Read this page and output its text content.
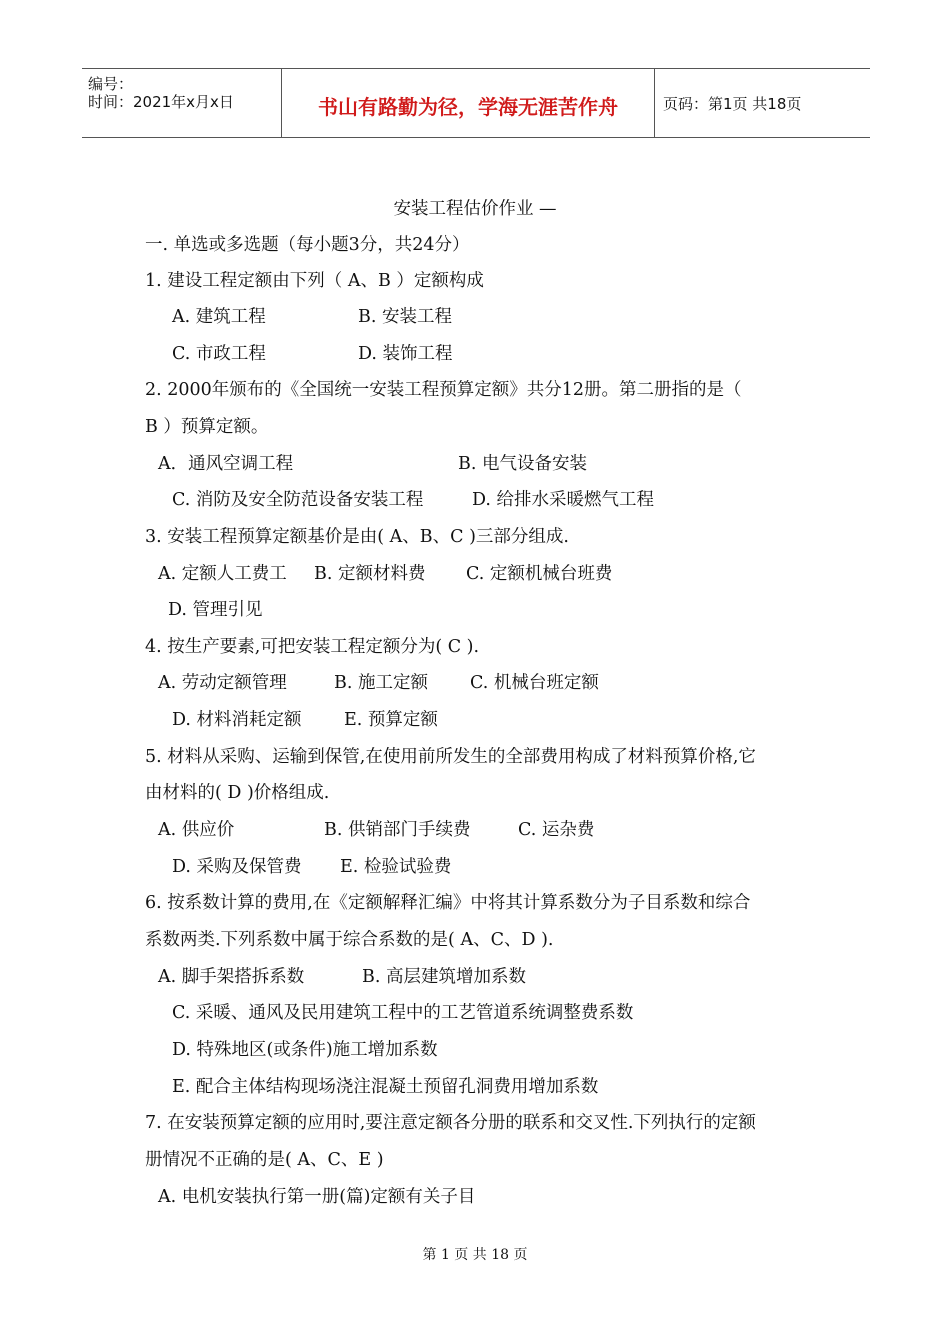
编号：
时间：2021年x月x日	书山有路勤为径，学海无涯苦作舟	页码：第1页 共18页
安装工程估价作业 —
一. 单选或多选题（每小题3分，共24分）
1. 建设工程定额由下列（ A、B ）定额构成
A. 建筑工程	B. 安装工程
C. 市政工程	D. 装饰工程
2. 2000年颁布的《全国统一安装工程预算定额》共分12册。第二册指的是（
B ）预算定额。
A．通风空调工程	B. 电气设备安装
C. 消防及安全防范设备安装工程	D. 给排水采暖燃气工程
3. 安装工程预算定额基价是由( A、B、C )三部分组成.
A. 定额人工费工 B. 定额材料费 C. 定额机械台班费
D. 管理引见
4. 按生产要素,可把安装工程定额分为( C ).
A. 劳动定额管理	B. 施工定额 C. 机械台班定额
D. 材料消耗定额 E. 预算定额
5. 材料从采购、运输到保管,在使用前所发生的全部费用构成了材料预算价格,它
由材料的( D )价格组成.
A. 供应价	B. 供销部门手续费	C. 运杂费
D. 采购及保管费 E. 检验试验费
6. 按系数计算的费用,在《定额解释汇编》中将其计算系数分为子目系数和综合
系数两类.下列系数中属于综合系数的是( A、C、D ).
A. 脚手架搭拆系数	B. 高层建筑增加系数
C. 采暖、通风及民用建筑工程中的工艺管道系统调整费系数
D. 特殊地区(或条件)施工增加系数
E. 配合主体结构现场浇注混凝土预留孔洞费用增加系数
7. 在安装预算定额的应用时,要注意定额各分册的联系和交叉性.下列执行的定额
册情况不正确的是( A、C、E )
A. 电机安装执行第一册(篇)定额有关子目
第 1 页 共 18 页
